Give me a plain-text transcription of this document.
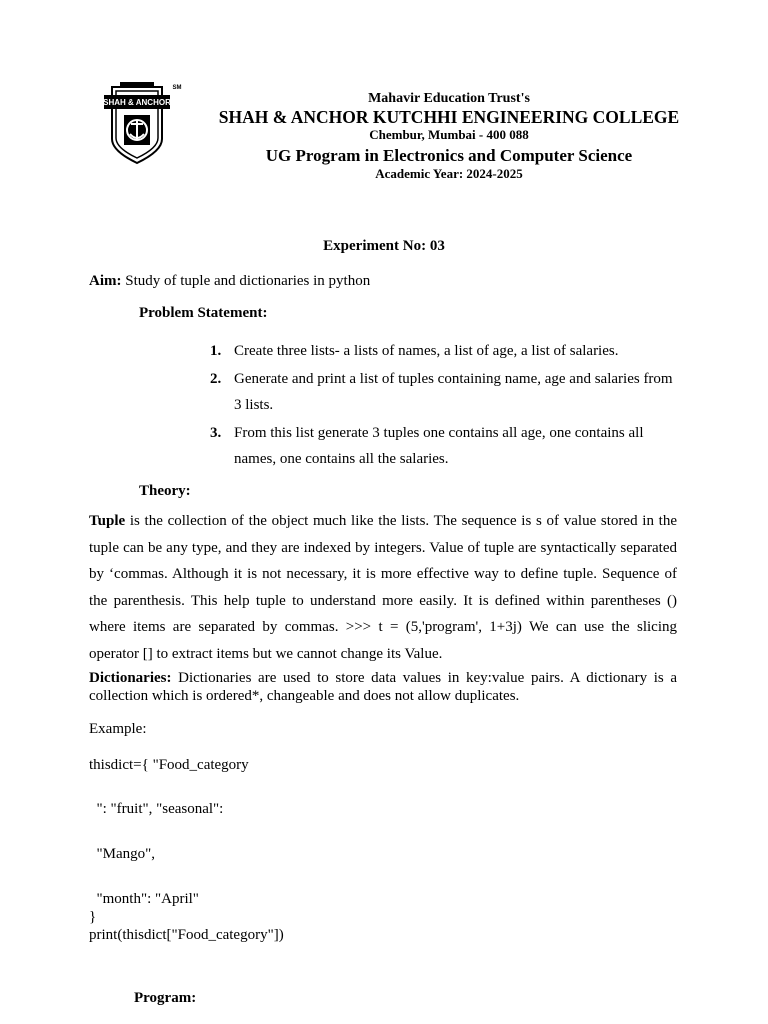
SHAH & ANCHOR
SM
Mahavir Education Trust's
SHAH & ANCHOR KUTCHHI ENGINEERING COLLEGE
Chembur, Mumbai - 400 088
UG Program in Electronics and Computer Science
Academic Year: 2024-2025
Experiment No: 03
Aim: Study of tuple and dictionaries in python
Problem Statement:
1. Create three lists- a lists of names, a list of age, a list of salaries.
2. Generate and print a list of tuples containing name, age and salaries from 3 lists.
3. From this list generate 3 tuples one contains all age, one contains all names, one contains all the salaries.
Theory:
Tuple is the collection of the object much like the lists. The sequence is s of value stored in the tuple can be any type, and they are indexed by integers. Value of tuple are syntactically separated by ‘commas. Although it is not necessary, it is more effective way to define tuple. Sequence of the parenthesis. This help tuple to understand more easily. It is defined within parentheses () where items are separated by commas. >>> t = (5,'program', 1+3j) We can use the slicing operator [] to extract items but we cannot change its Value.
Dictionaries: Dictionaries are used to store data values in key:value pairs. A dictionary is a collection which is ordered*, changeable and does not allow duplicates.
Example:
thisdict={ "Food_category
": "fruit", "seasonal":
"Mango",
"month": "April"
}
print(thisdict["Food_category"])
Program:
